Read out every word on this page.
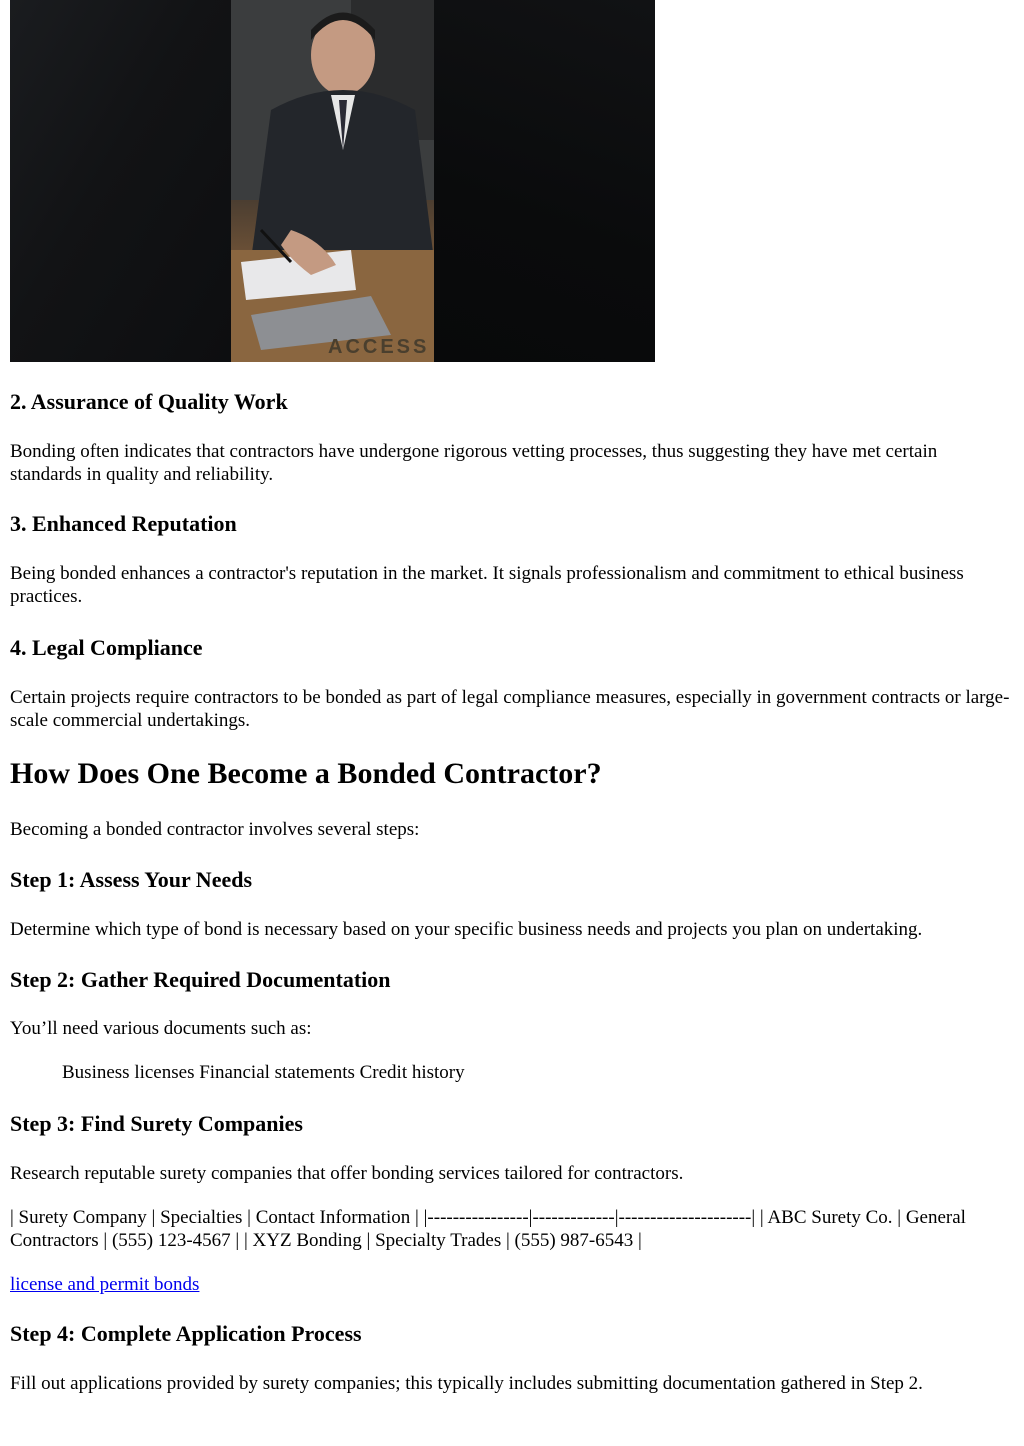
ACCESS
2. Assurance of Quality Work

Bonding often indicates that contractors have undergone rigorous vetting processes, thus suggesting they have met certain standards in quality and reliability.

3. Enhanced Reputation

Being bonded enhances a contractor's reputation in the market. It signals professionalism and commitment to ethical business practices.

4. Legal Compliance

Certain projects require contractors to be bonded as part of legal compliance measures, especially in government contracts or large-scale commercial undertakings.

How Does One Become a Bonded Contractor?

Becoming a bonded contractor involves several steps:

Step 1: Assess Your Needs

Determine which type of bond is necessary based on your specific business needs and projects you plan on undertaking.

Step 2: Gather Required Documentation

You’ll need various documents such as:

Business licenses Financial statements Credit history

Step 3: Find Surety Companies

Research reputable surety companies that offer bonding services tailored for contractors.

| Surety Company | Specialties | Contact Information | |----------------|-------------|---------------------| | ABC Surety Co. | General Contractors | (555) 123-4567 | | XYZ Bonding | Specialty Trades | (555) 987-6543 |

license and permit bonds

Step 4: Complete Application Process

Fill out applications provided by surety companies; this typically includes submitting documentation gathered in Step 2.
